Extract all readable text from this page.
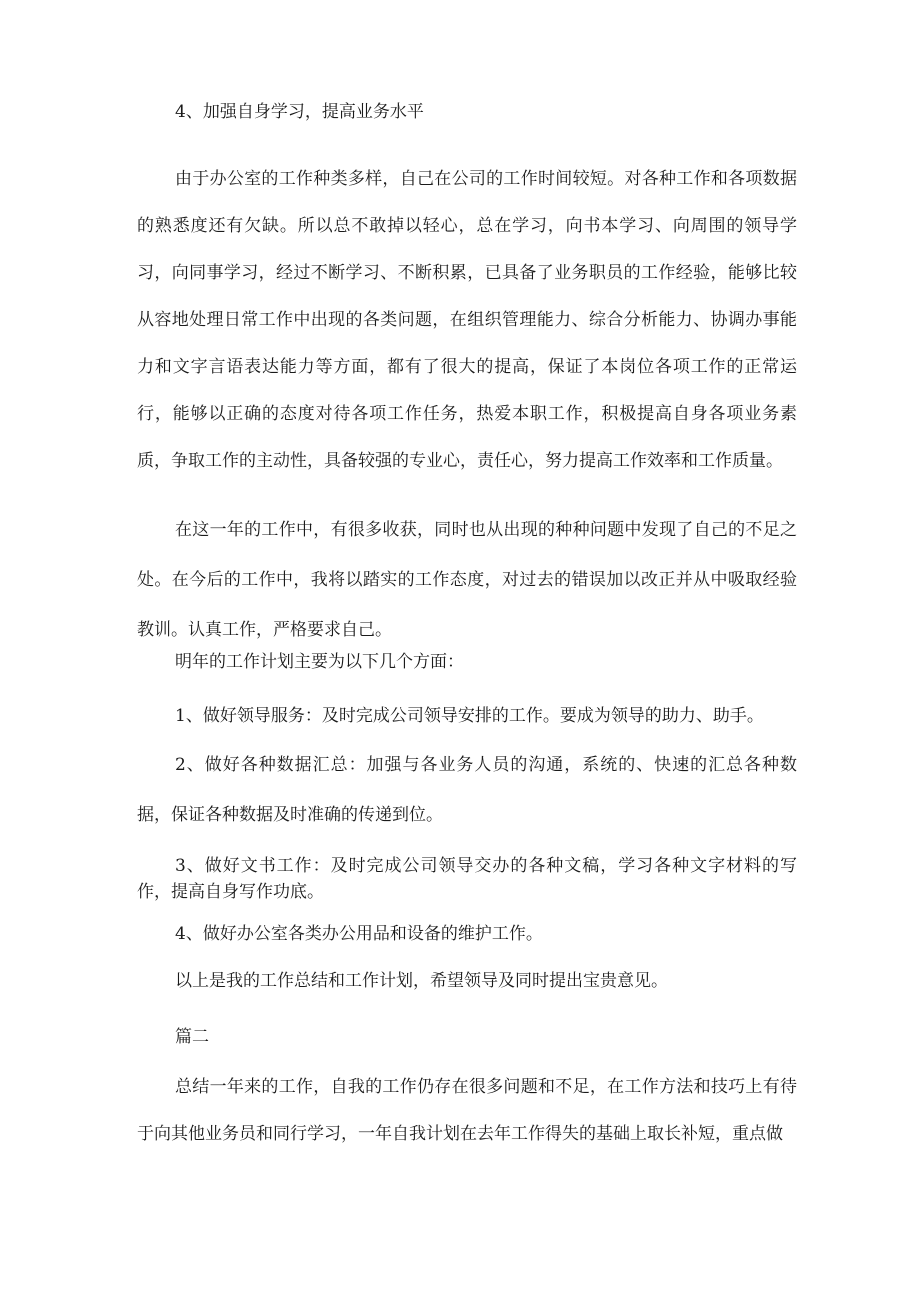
4、加强自身学习，提高业务水平

由于办公室的工作种类多样，自己在公司的工作时间较短。对各种工作和各项数据的熟悉度还有欠缺。所以总不敢掉以轻心，总在学习，向书本学习、向周围的领导学习，向同事学习，经过不断学习、不断积累，已具备了业务职员的工作经验，能够比较从容地处理日常工作中出现的各类问题，在组织管理能力、综合分析能力、协调办事能力和文字言语表达能力等方面，都有了很大的提高，保证了本岗位各项工作的正常运行，能够以正确的态度对待各项工作任务，热爱本职工作，积极提高自身各项业务素质，争取工作的主动性，具备较强的专业心，责任心，努力提高工作效率和工作质量。

在这一年的工作中，有很多收获，同时也从出现的种种问题中发现了自己的不足之处。在今后的工作中，我将以踏实的工作态度，对过去的错误加以改正并从中吸取经验教训。认真工作，严格要求自己。

明年的工作计划主要为以下几个方面：

1、做好领导服务：及时完成公司领导安排的工作。要成为领导的助力、助手。

2、做好各种数据汇总：加强与各业务人员的沟通，系统的、快速的汇总各种数据，保证各种数据及时准确的传递到位。

3、做好文书工作：及时完成公司领导交办的各种文稿，学习各种文字材料的写作，提高自身写作功底。

4、做好办公室各类办公用品和设备的维护工作。

以上是我的工作总结和工作计划，希望领导及同时提出宝贵意见。

篇二

总结一年来的工作，自我的工作仍存在很多问题和不足，在工作方法和技巧上有待于向其他业务员和同行学习，一年自我计划在去年工作得失的基础上取长补短，重点做
